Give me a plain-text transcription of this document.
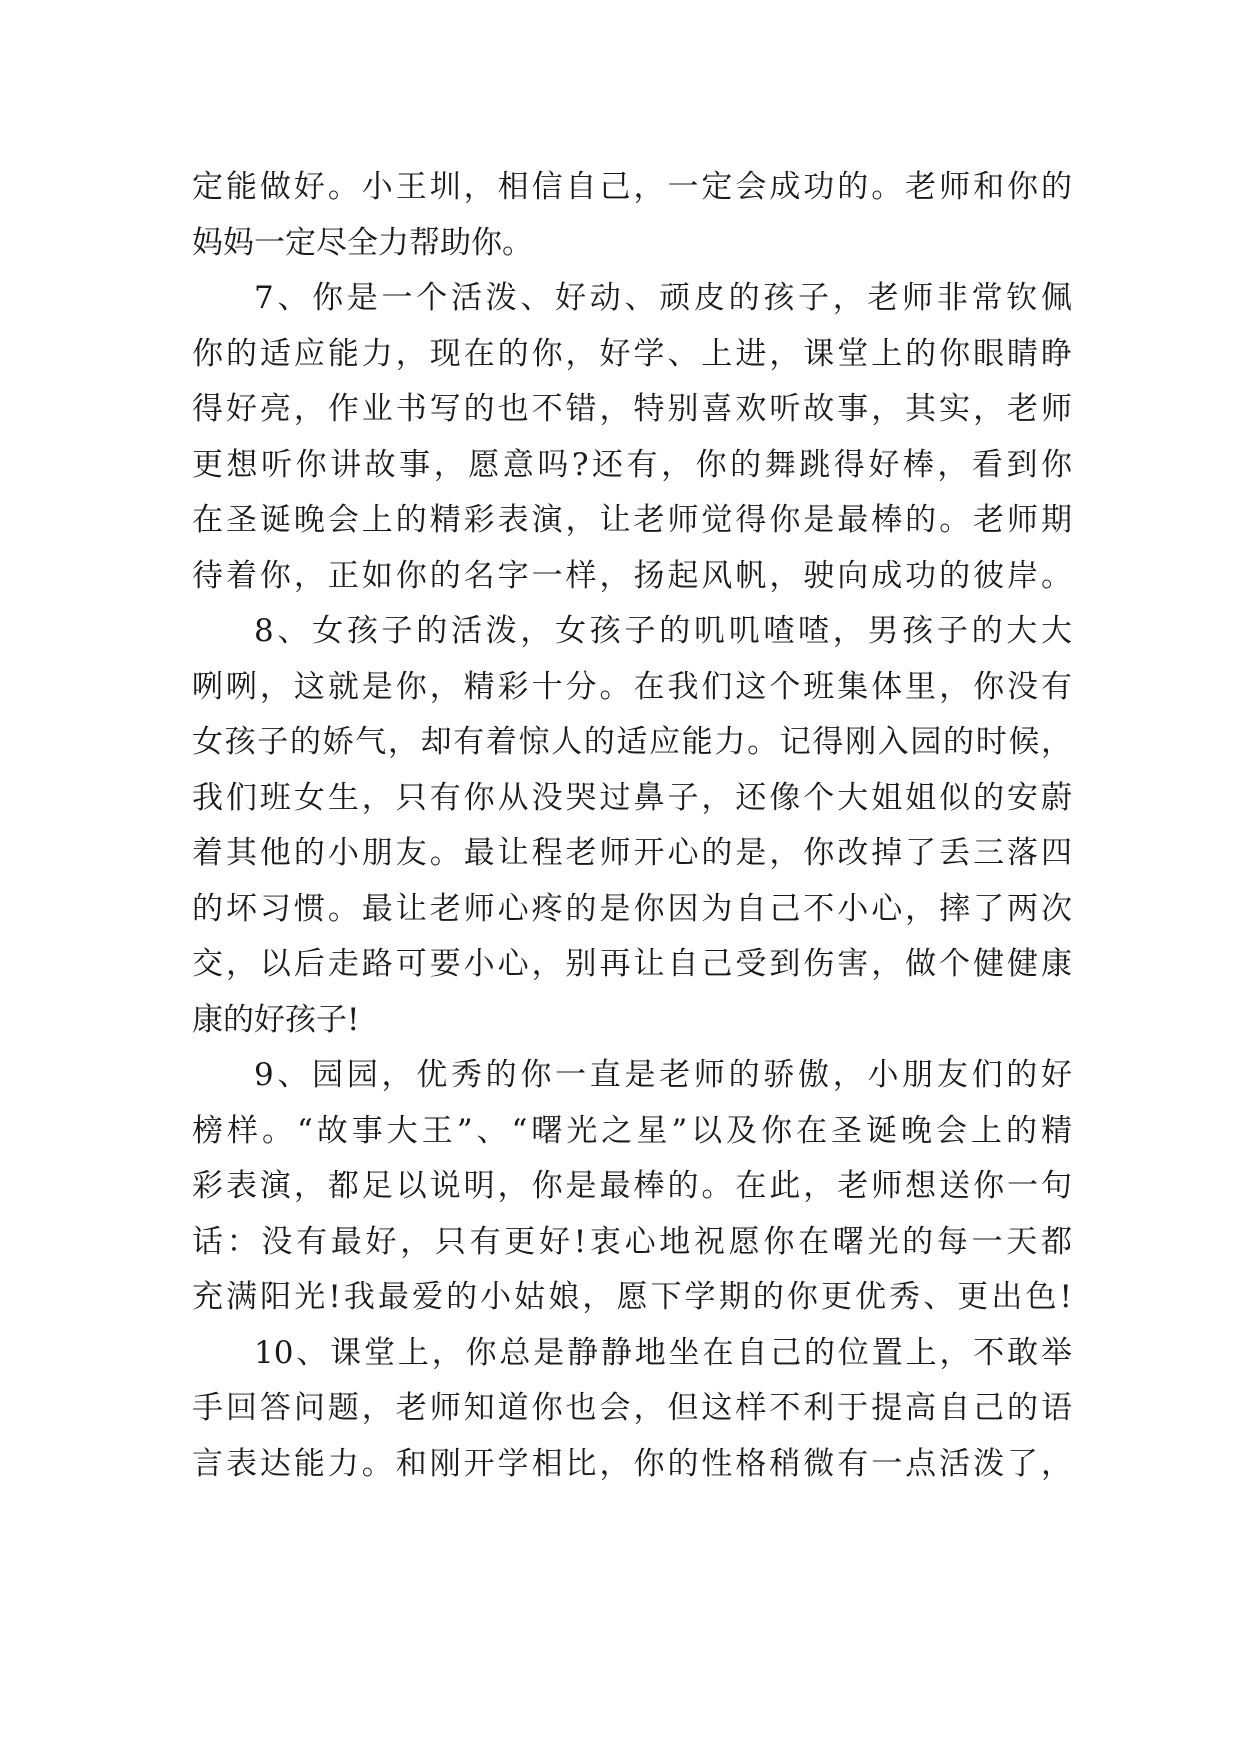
定能做好。小王圳，相信自己，一定会成功的。老师和你的
妈妈一定尽全力帮助你。
7、你是一个活泼、好动、顽皮的孩子，老师非常钦佩
你的适应能力，现在的你，好学、上进，课堂上的你眼睛睁
得好亮，作业书写的也不错，特别喜欢听故事，其实，老师
更想听你讲故事，愿意吗?还有，你的舞跳得好棒，看到你
在圣诞晚会上的精彩表演，让老师觉得你是最棒的。老师期
待着你，正如你的名字一样，扬起风帆，驶向成功的彼岸。
8、女孩子的活泼，女孩子的叽叽喳喳，男孩子的大大
咧咧，这就是你，精彩十分。在我们这个班集体里，你没有
女孩子的娇气，却有着惊人的适应能力。记得刚入园的时候，
我们班女生，只有你从没哭过鼻子，还像个大姐姐似的安蔚
着其他的小朋友。最让程老师开心的是，你改掉了丢三落四
的坏习惯。最让老师心疼的是你因为自己不小心，摔了两次
交，以后走路可要小心，别再让自己受到伤害，做个健健康
康的好孩子!
9、园园，优秀的你一直是老师的骄傲，小朋友们的好
榜样。“故事大王”、“曙光之星”以及你在圣诞晚会上的精
彩表演，都足以说明，你是最棒的。在此，老师想送你一句
话：没有最好，只有更好!衷心地祝愿你在曙光的每一天都
充满阳光!我最爱的小姑娘，愿下学期的你更优秀、更出色!
10、课堂上，你总是静静地坐在自己的位置上，不敢举
手回答问题，老师知道你也会，但这样不利于提高自己的语
言表达能力。和刚开学相比，你的性格稍微有一点活泼了，
